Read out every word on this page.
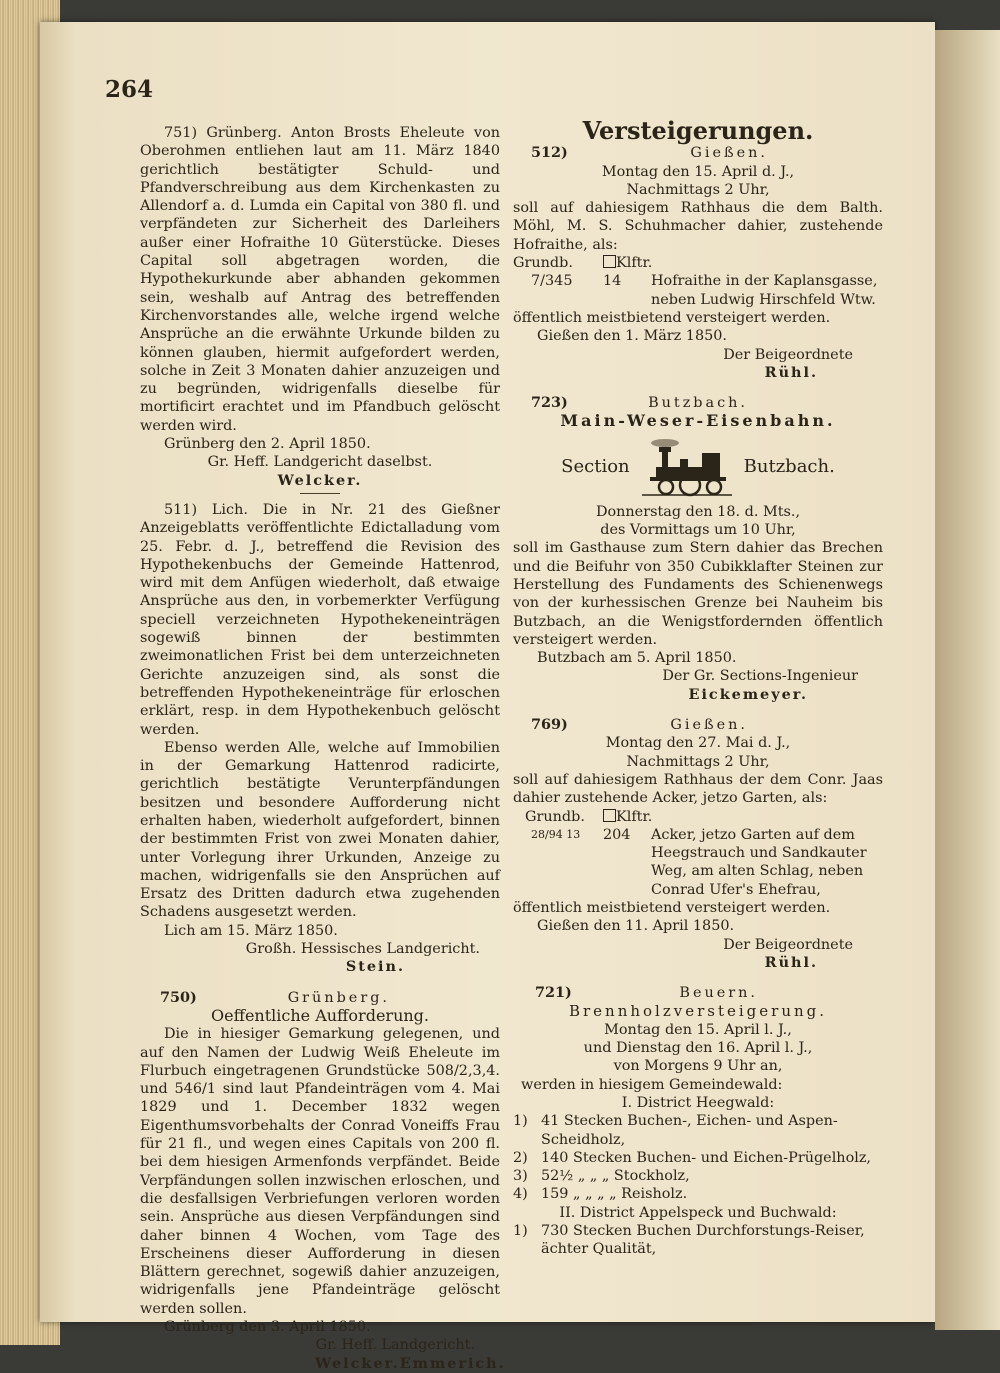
264

751) Grünberg. Anton Brosts Eheleute von Oberohmen entliehen laut am 11. März 1840 gerichtlich bestätigter Schuld- und Pfandverschreibung aus dem Kirchenkasten zu Allendorf a. d. Lumda ein Capital von 380 fl. und verpfändeten zur Sicherheit des Darleihers außer einer Hofraithe 10 Güterstücke. Dieses Capital soll abgetragen worden, die Hypothekurkunde aber abhanden gekommen sein, weshalb auf Antrag des betreffenden Kirchenvorstandes alle, welche irgend welche Ansprüche an die erwähnte Urkunde bilden zu können glauben, hiermit aufgefordert werden, solche in Zeit 3 Monaten dahier anzuzeigen und zu begründen, widrigenfalls dieselbe für mortificirt erachtet und im Pfandbuch gelöscht werden wird.

Grünberg den 2. April 1850.

Gr. Heff. Landgericht daselbst.

Welcker.

511) Lich. Die in Nr. 21 des Gießner Anzeigeblatts veröffentlichte Edictalladung vom 25. Febr. d. J., betreffend die Revision des Hypothekenbuchs der Gemeinde Hattenrod, wird mit dem Anfügen wiederholt, daß etwaige Ansprüche aus den, in vorbemerkter Verfügung speciell verzeichneten Hypothekeneinträgen sogewiß binnen der bestimmten zweimonatlichen Frist bei dem unterzeichneten Gerichte anzuzeigen sind, als sonst die betreffenden Hypothekeneinträge für erloschen erklärt, resp. in dem Hypothekenbuch gelöscht werden.

Ebenso werden Alle, welche auf Immobilien in der Gemarkung Hattenrod radicirte, gerichtlich bestätigte Verunterpfändungen besitzen und besondere Aufforderung nicht erhalten haben, wiederholt aufgefordert, binnen der bestimmten Frist von zwei Monaten dahier, unter Vorlegung ihrer Urkunden, Anzeige zu machen, widrigenfalls sie den Ansprüchen auf Ersatz des Dritten dadurch etwa zugehenden Schadens ausgesetzt werden.

Lich am 15. März 1850.

Großh. Hessisches Landgericht.

Stein.

750)	Grünberg.

Oeffentliche Aufforderung.

Die in hiesiger Gemarkung gelegenen, und auf den Namen der Ludwig Weiß Eheleute im Flurbuch eingetragenen Grundstücke 508/2,3,4. und 546/1 sind laut Pfandeinträgen vom 4. Mai 1829 und 1. December 1832 wegen Eigenthumsvorbehalts der Conrad Voneiffs Frau für 21 fl., und wegen eines Capitals von 200 fl. bei dem hiesigen Armenfonds verpfändet. Beide Verpfändungen sollen inzwischen erloschen, und die desfallsigen Verbriefungen verloren worden sein. Ansprüche aus diesen Verpfändungen sind daher binnen 4 Wochen, vom Tage des Erscheinens dieser Aufforderung in diesen Blättern gerechnet, sogewiß dahier anzuzeigen, widrigenfalls jene Pfandeinträge gelöscht werden sollen.

Grünberg den 3. April 1850.

Gr. Heff. Landgericht.

Welcker. Emmerich.
Versteigerungen.
512)	Gießen.

Montag den 15. April d. J.,

Nachmittags 2 Uhr,

soll auf dahiesigem Rathhaus die dem Balth. Möhl, M. S. Schuhmacher dahier, zustehende Hofraithe, als:

Grundb.	Klftr.
7/345	14	Hofraithe in der Kaplansgasse, neben Ludwig Hirschfeld Wtw.

öffentlich meistbietend versteigert werden.

Gießen den 1. März 1850.

Der Beigeordnete

Rühl.

723)	Butzbach.

Main-Weser-Eisenbahn.

Section	Butzbach.

Donnerstag den 18. d. Mts.,

des Vormittags um 10 Uhr,

soll im Gasthause zum Stern dahier das Brechen und die Beifuhr von 350 Cubikklafter Steinen zur Herstellung des Fundaments des Schienenwegs von der kurhessischen Grenze bei Nauheim bis Butzbach, an die Wenigstfordernden öffentlich versteigert werden.

Butzbach am 5. April 1850.

Der Gr. Sections-Ingenieur

Eickemeyer.

769)	Gießen.

Montag den 27. Mai d. J.,

Nachmittags 2 Uhr,

soll auf dahiesigem Rathhaus der dem Conr. Jaas dahier zustehende Acker, jetzo Garten, als:

Grundb.	Klftr.
28/94 13	204	Acker, jetzo Garten auf dem Heegstrauch und Sandkauter Weg, am alten Schlag, neben Conrad Ufer's Ehefrau,

öffentlich meistbietend versteigert werden.

Gießen den 11. April 1850.

Der Beigeordnete

Rühl.

721)	Beuern.

Brennholzversteigerung.

Montag den 15. April l. J.,

und Dienstag den 16. April l. J.,

von Morgens 9 Uhr an,

werden in hiesigem Gemeindewald:

I. District Heegwald:

1) 41 Stecken Buchen-, Eichen- und Aspen-Scheidholz,
2) 140 Stecken Buchen- und Eichen-Prügelholz,
3) 52½ „ „ „ Stockholz,
4) 159 „ „ „ „ Reisholz.

II. District Appelspeck und Buchwald:

1) 730 Stecken Buchen Durchforstungs-Reiser, ächter Qualität,
